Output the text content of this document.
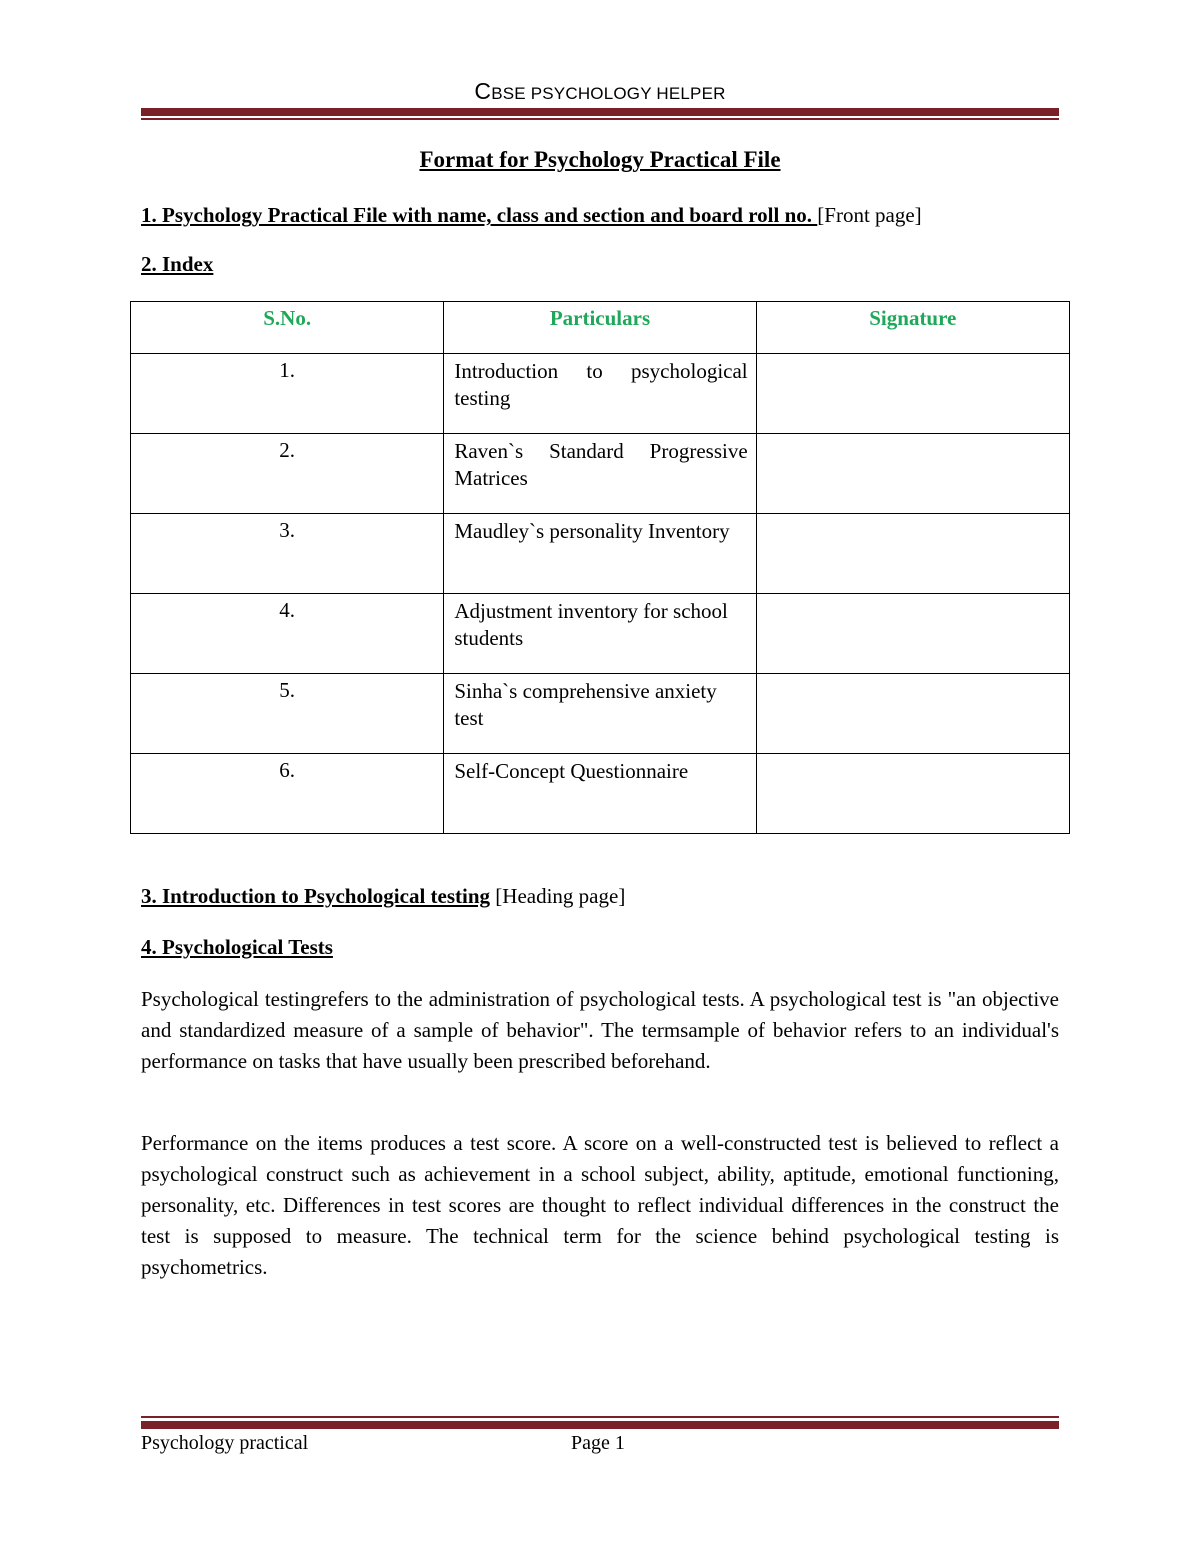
CBSE PSYCHOLOGY HELPER
Format for Psychology Practical File
1. Psychology Practical File with name, class and section and board roll no. [Front page]
2. Index
S.No.	Particulars	Signature
1.	Introduction to psychological testing	
2.	Raven`s Standard Progressive Matrices	
3.	Maudley`s personality Inventory	
4.	Adjustment inventory for school students	
5.	Sinha`s comprehensive anxiety test	
6.	Self-Concept Questionnaire	
3. Introduction to Psychological testing [Heading page]
4. Psychological Tests

Psychological testingrefers to the administration of psychological tests. A psychological test is "an objective and standardized measure of a sample of behavior". The termsample of behavior refers to an individual's performance on tasks that have usually been prescribed beforehand.

Performance on the items produces a test score. A score on a well-constructed test is believed to reflect a psychological construct such as achievement in a school subject, ability, aptitude, emotional functioning, personality, etc. Differences in test scores are thought to reflect individual differences in the construct the test is supposed to measure. The technical term for the science behind psychological testing is psychometrics.

Psychology practical	Page 1
